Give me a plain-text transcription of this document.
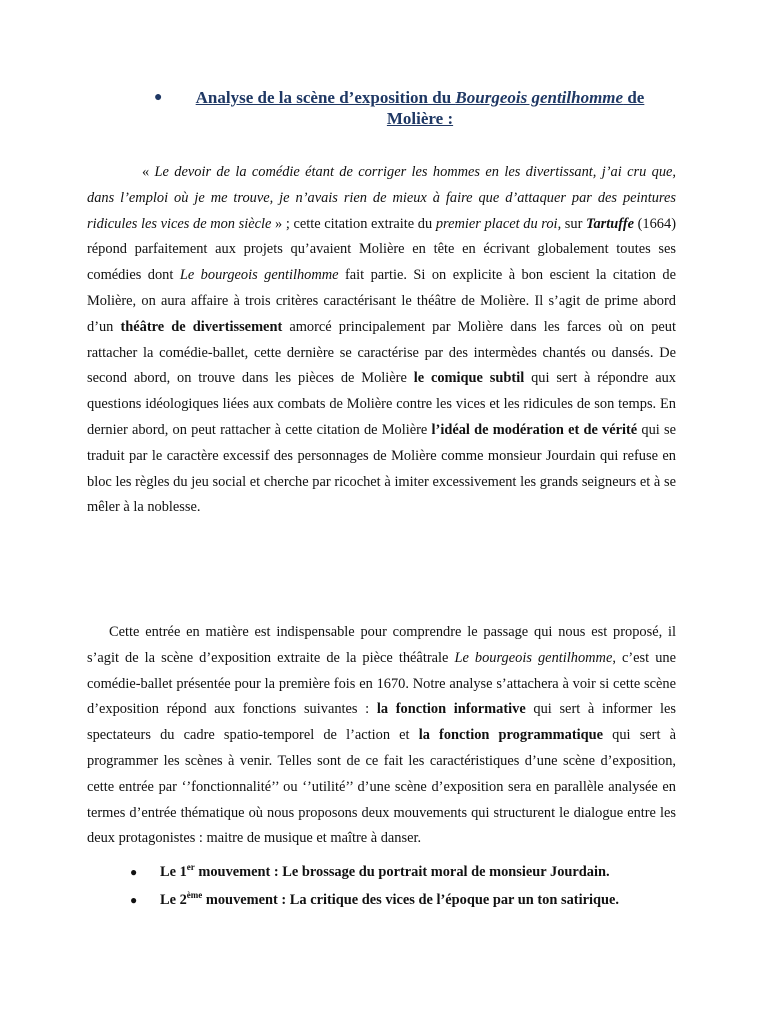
●	Analyse de la scène d’exposition du Bourgeois gentilhomme de
Molière :

« Le devoir de la comédie étant de corriger les hommes en les divertissant, j’ai cru que, dans l’emploi où je me trouve, je n’avais rien de mieux à faire que d’attaquer par des peintures ridicules les vices de mon siècle » ; cette citation extraite du premier placet du roi, sur Tartuffe (1664) répond parfaitement aux projets qu’avaient Molière en tête en écrivant globalement toutes ses comédies dont Le bourgeois gentilhomme fait partie. Si on explicite à bon escient la citation de Molière, on aura affaire à trois critères caractérisant le théâtre de Molière. Il s’agit de prime abord d’un théâtre de divertissement amorcé principalement par Molière dans les farces où on peut rattacher la comédie-ballet, cette dernière se caractérise par des intermèdes chantés ou dansés. De second abord, on trouve dans les pièces de Molière le comique subtil qui sert à répondre aux questions idéologiques liées aux combats de Molière contre les vices et les ridicules de son temps. En dernier abord, on peut rattacher à cette citation de Molière l’idéal de modération et de vérité qui se traduit par le caractère excessif des personnages de Molière comme monsieur Jourdain qui refuse en bloc les règles du jeu social et cherche par ricochet à imiter excessivement les grands seigneurs et à se mêler à la noblesse.

Cette entrée en matière est indispensable pour comprendre le passage qui nous est proposé, il s’agit de la scène d’exposition extraite de la pièce théâtrale Le bourgeois gentilhomme, c’est une comédie-ballet présentée pour la première fois en 1670. Notre analyse s’attachera à voir si cette scène d’exposition répond aux fonctions suivantes : la fonction informative qui sert à informer les spectateurs du cadre spatio-temporel de l’action et la fonction programmatique qui sert à programmer les scènes à venir. Telles sont de ce fait les caractéristiques d’une scène d’exposition, cette entrée par ‘’fonctionnalité’’ ou ‘’utilité’’ d’une scène d’exposition sera en parallèle analysée en termes d’entrée thématique où nous proposons deux mouvements qui structurent le dialogue entre les deux protagonistes : maitre de musique et maître à danser.

● Le 1er mouvement : Le brossage du portrait moral de monsieur Jourdain.
● Le 2ème mouvement : La critique des vices de l’époque par un ton satirique.
